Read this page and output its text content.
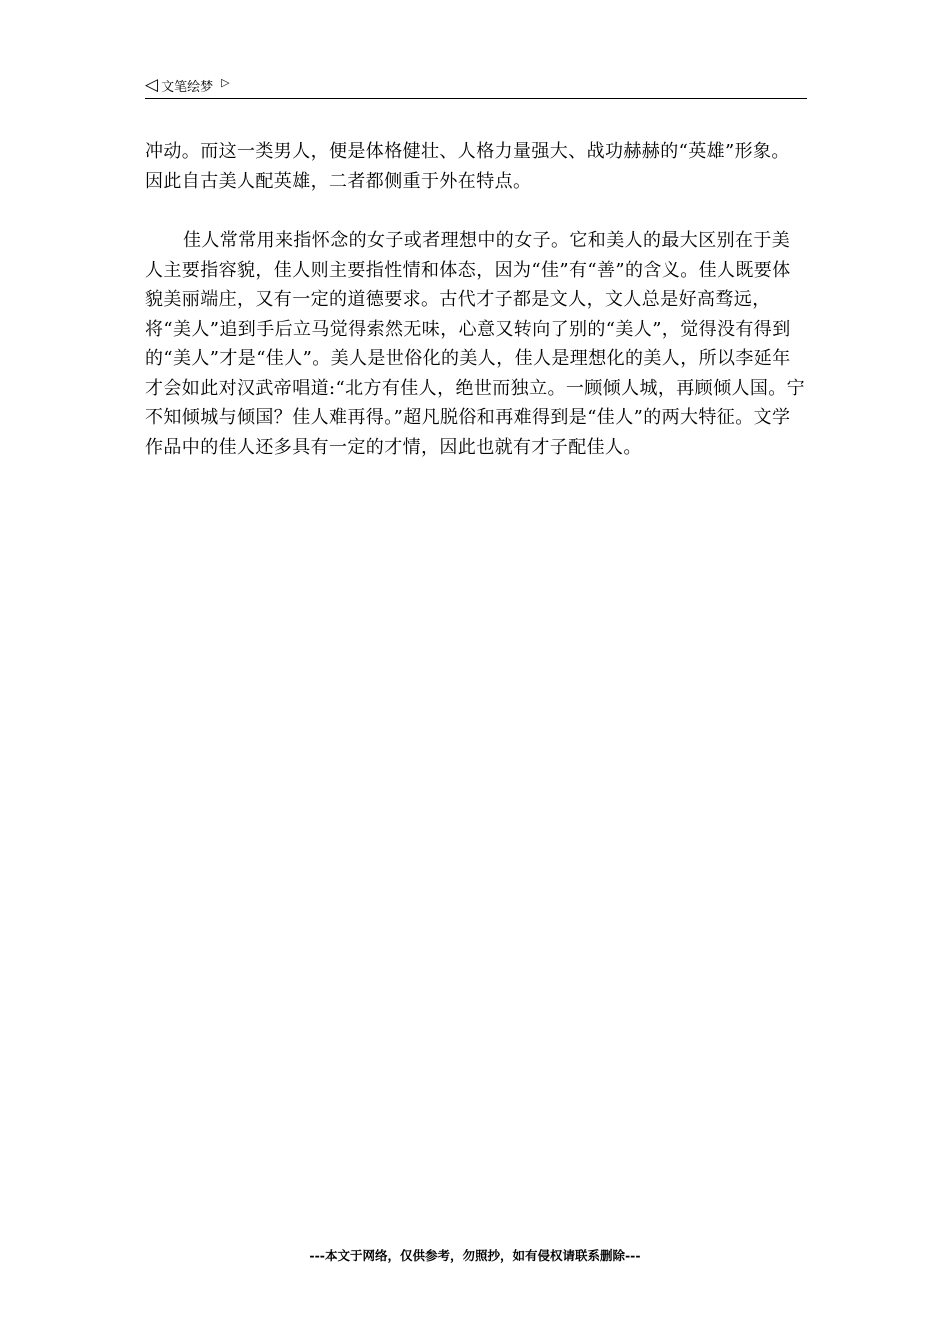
◁ 文笔绘梦 ▷

冲动。而这一类男人，便是体格健壮、人格力量强大、战功赫赫的“英雄”形象。因此自古美人配英雄，二者都侧重于外在特点。

佳人常常用来指怀念的女子或者理想中的女子。它和美人的最大区别在于美人主要指容貌，佳人则主要指性情和体态，因为“佳”有“善”的含义。佳人既要体貌美丽端庄，又有一定的道德要求。古代才子都是文人，文人总是好高骛远，将“美人”追到手后立马觉得索然无味，心意又转向了别的“美人”，觉得没有得到的“美人”才是“佳人”。美人是世俗化的美人，佳人是理想化的美人，所以李延年才会如此对汉武帝唱道:“北方有佳人，绝世而独立。一顾倾人城，再顾倾人国。宁不知倾城与倾国？佳人难再得。”超凡脱俗和再难得到是“佳人”的两大特征。文学作品中的佳人还多具有一定的才情，因此也就有才子配佳人。

---本文于网络，仅供参考，勿照抄，如有侵权请联系删除---
